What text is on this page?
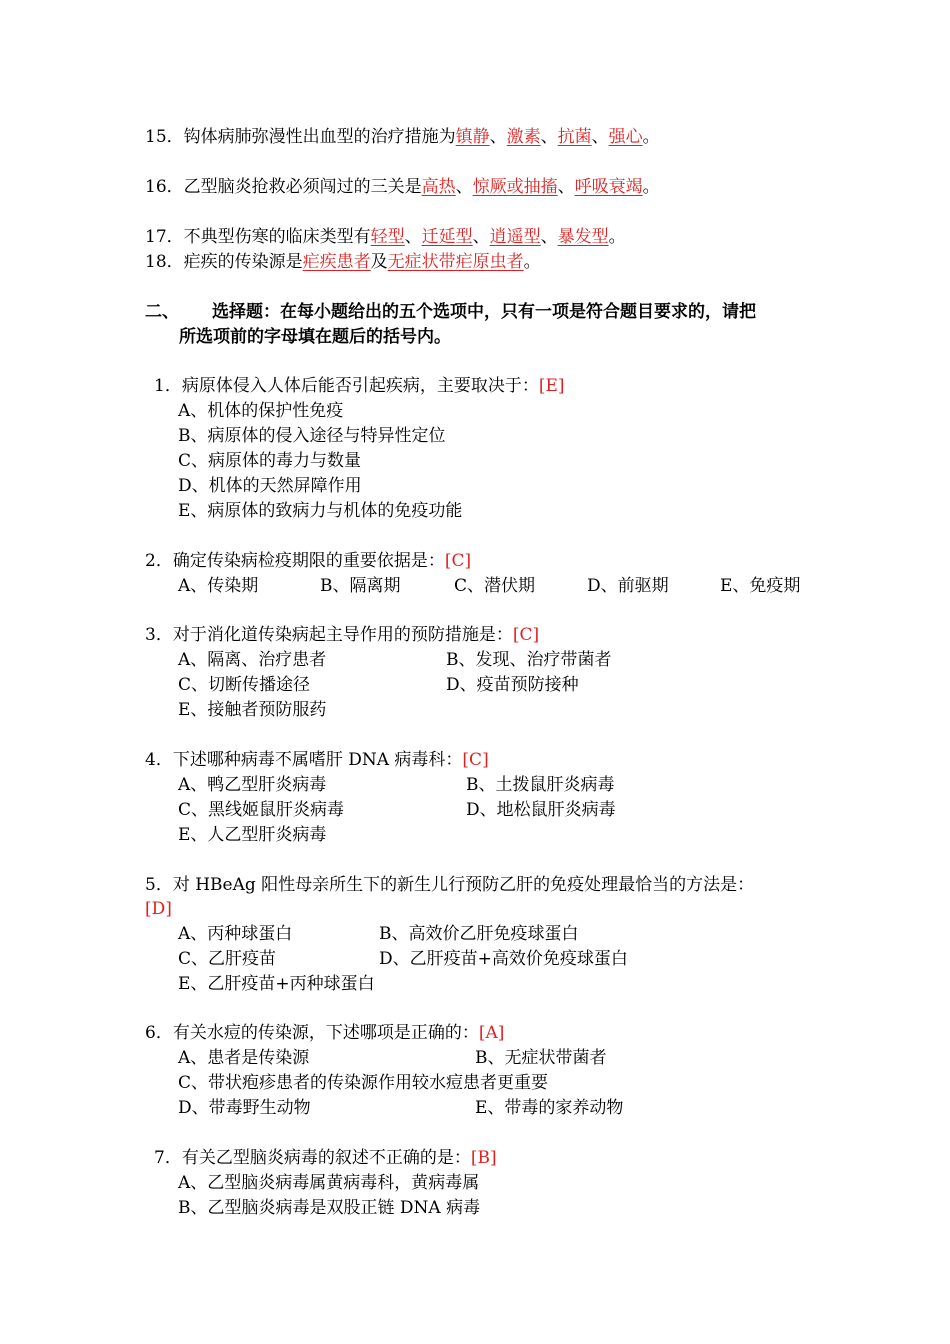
15．钩体病肺弥漫性出血型的治疗措施为镇静、激素、抗菌、强心。
16．乙型脑炎抢救必须闯过的三关是高热、惊厥或抽搐、呼吸衰竭。
17．不典型伤寒的临床类型有轻型、迁延型、逍遥型、暴发型。
18．疟疾的传染源是疟疾患者及无症状带疟原虫者。
二、 选择题：在每小题给出的五个选项中，只有一项是符合题目要求的，请把
所选项前的字母填在题后的括号内。
1．病原体侵入人体后能否引起疾病，主要取决于：[E]
A、机体的保护性免疫
B、病原体的侵入途径与特异性定位
C、病原体的毒力与数量
D、机体的天然屏障作用
E、病原体的致病力与机体的免疫功能
2．确定传染病检疫期限的重要依据是：[C]
A、传染期	B、隔离期	C、潜伏期	D、前驱期	E、免疫期
3．对于消化道传染病起主导作用的预防措施是：[C]
A、隔离、治疗患者	B、发现、治疗带菌者
C、切断传播途径	D、疫苗预防接种
E、接触者预防服药
4．下述哪种病毒不属嗜肝 DNA 病毒科：[C]
A、鸭乙型肝炎病毒	B、土拨鼠肝炎病毒
C、黑线姬鼠肝炎病毒	D、地松鼠肝炎病毒
E、人乙型肝炎病毒
5．对 HBeAg 阳性母亲所生下的新生儿行预防乙肝的免疫处理最恰当的方法是：
[D]
A、丙种球蛋白	B、高效价乙肝免疫球蛋白
C、乙肝疫苗	D、乙肝疫苗+高效价免疫球蛋白
E、乙肝疫苗+丙种球蛋白
6．有关水痘的传染源，下述哪项是正确的：[A]
A、患者是传染源	B、无症状带菌者
C、带状疱疹患者的传染源作用较水痘患者更重要
D、带毒野生动物	E、带毒的家养动物
7．有关乙型脑炎病毒的叙述不正确的是：[B]
A、乙型脑炎病毒属黄病毒科，黄病毒属
B、乙型脑炎病毒是双股正链 DNA 病毒
